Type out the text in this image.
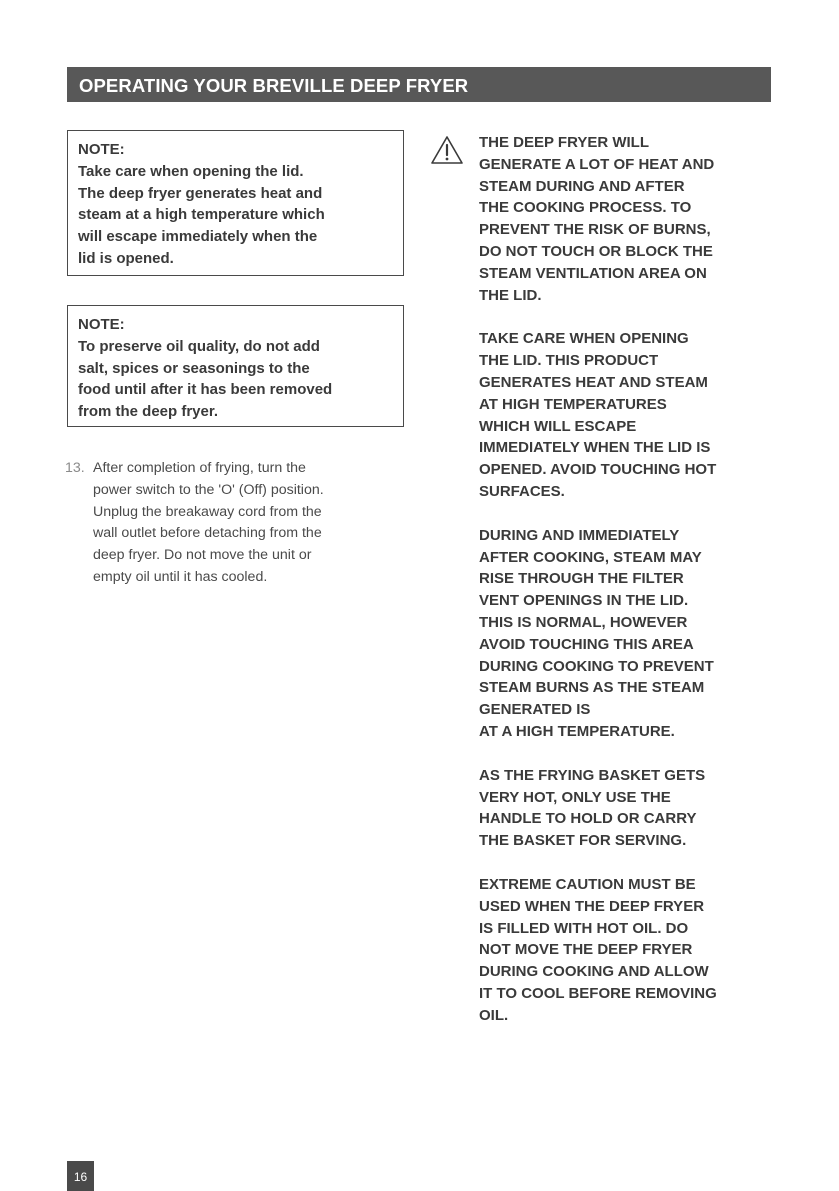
OPERATING YOUR BREVILLE DEEP FRYER
NOTE:
Take care when opening the lid.
The deep fryer generates heat and
steam at a high temperature which
will escape immediately when the
lid is opened.
NOTE:
To preserve oil quality, do not add
salt, spices or seasonings to the
food until after it has been removed
from the deep fryer.
13. After completion of frying, turn the
power switch to the 'O' (Off) position.
Unplug the breakaway cord from the
wall outlet before detaching from the
deep fryer. Do not move the unit or
empty oil until it has cooled.
THE DEEP FRYER WILL
GENERATE A LOT OF HEAT AND
STEAM DURING AND AFTER
THE COOKING PROCESS. TO
PREVENT THE RISK OF BURNS,
DO NOT TOUCH OR BLOCK THE
STEAM VENTILATION AREA ON
THE LID.
TAKE CARE WHEN OPENING
THE LID. THIS PRODUCT
GENERATES HEAT AND STEAM
AT HIGH TEMPERATURES
WHICH WILL ESCAPE
IMMEDIATELY WHEN THE LID IS
OPENED. AVOID TOUCHING HOT
SURFACES.
DURING AND IMMEDIATELY
AFTER COOKING, STEAM MAY
RISE THROUGH THE FILTER
VENT OPENINGS IN THE LID.
THIS IS NORMAL, HOWEVER
AVOID TOUCHING THIS AREA
DURING COOKING TO PREVENT
STEAM BURNS AS THE STEAM
GENERATED IS
AT A HIGH TEMPERATURE.
AS THE FRYING BASKET GETS
VERY HOT, ONLY USE THE
HANDLE TO HOLD OR CARRY
THE BASKET FOR SERVING.
EXTREME CAUTION MUST BE
USED WHEN THE DEEP FRYER
IS FILLED WITH HOT OIL. DO
NOT MOVE THE DEEP FRYER
DURING COOKING AND ALLOW
IT TO COOL BEFORE REMOVING
OIL.
16
